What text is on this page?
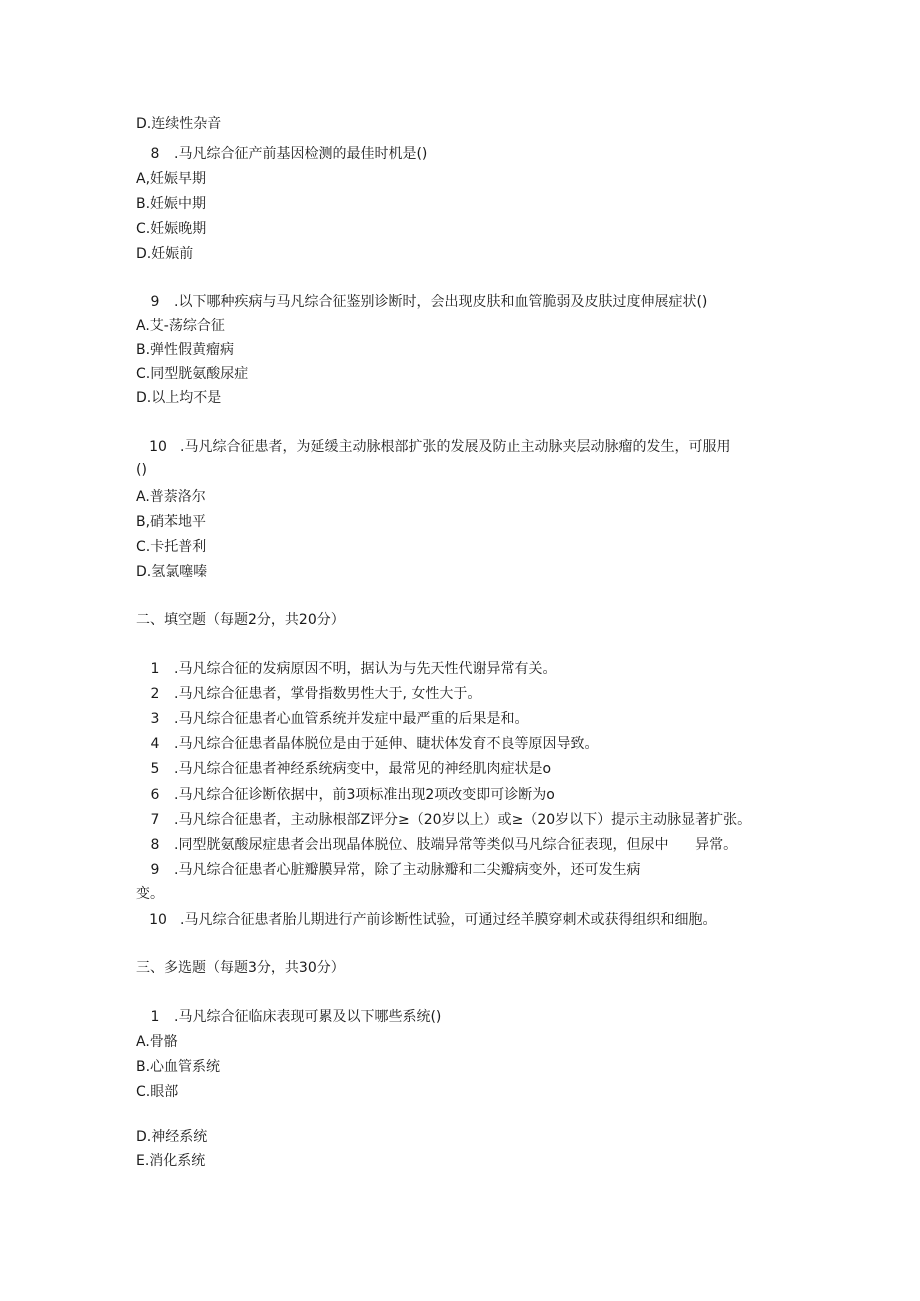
D.连续性杂音
8 .马凡综合征产前基因检测的最佳时机是()
A,妊娠早期
B.妊娠中期
C.妊娠晚期
D.妊娠前
9 .以下哪种疾病与马凡综合征鉴别诊断时，会出现皮肤和血管脆弱及皮肤过度伸展症状()
A.艾-荡综合征
B.弹性假黄瘤病
C.同型胱氨酸尿症
D.以上均不是
10 .马凡综合征患者，为延缓主动脉根部扩张的发展及防止主动脉夹层动脉瘤的发生，可服用
()
A.普萘洛尔
B,硝苯地平
C.卡托普利
D.氢氯噻嗪
二、填空题（每题2分，共20分）
1 .马凡综合征的发病原因不明，据认为与先天性代谢异常有关。
2 .马凡综合征患者，掌骨指数男性大于, 女性大于。
3 .马凡综合征患者心血管系统并发症中最严重的后果是和。
4 .马凡综合征患者晶体脱位是由于延伸、睫状体发育不良等原因导致。
5 .马凡综合征患者神经系统病变中，最常见的神经肌肉症状是o
6 .马凡综合征诊断依据中，前3项标准出现2项改变即可诊断为o
7 .马凡综合征患者，主动脉根部Z评分≥（20岁以上）或≥（20岁以下）提示主动脉显著扩张。
8 .同型胱氨酸尿症患者会出现晶体脱位、肢端异常等类似马凡综合征表现，但尿中      异常。
9 .马凡综合征患者心脏瓣膜异常，除了主动脉瓣和二尖瓣病变外，还可发生病
变。
10 .马凡综合征患者胎儿期进行产前诊断性试验，可通过经羊膜穿刺术或获得组织和细胞。
三、多选题（每题3分，共30分）
1 .马凡综合征临床表现可累及以下哪些系统()
A.骨骼
B.心血管系统
C.眼部
D.神经系统
E.消化系统
